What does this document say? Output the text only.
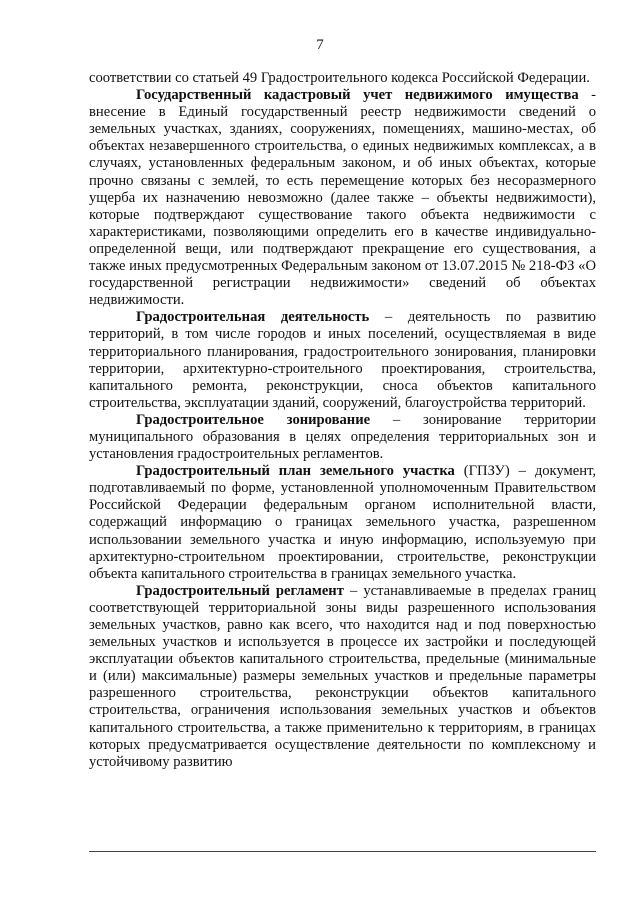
7

соответствии со статьей 49 Градостроительного кодекса Российской Федерации.

Государственный кадастровый учет недвижимого имущества - внесение в Единый государственный реестр недвижимости сведений о земельных участках, зданиях, сооружениях, помещениях, машино-местах, об объектах незавершенного строительства, о единых недвижимых комплексах, а в случаях, установленных федеральным законом, и об иных объектах, которые прочно связаны с землей, то есть перемещение которых без несоразмерного ущерба их назначению невозможно (далее также – объекты недвижимости), которые подтверждают существование такого объекта недвижимости с характеристиками, позволяющими определить его в качестве индивидуально-определенной вещи, или подтверждают прекращение его существования, а также иных предусмотренных Федеральным законом от 13.07.2015 № 218-ФЗ «О государственной регистрации недвижимости» сведений об объектах недвижимости.

Градостроительная деятельность – деятельность по развитию территорий, в том числе городов и иных поселений, осуществляемая в виде территориального планирования, градостроительного зонирования, планировки территории, архитектурно-строительного проектирования, строительства, капитального ремонта, реконструкции, сноса объектов капитального строительства, эксплуатации зданий, сооружений, благоустройства территорий.

Градостроительное зонирование – зонирование территории муниципального образования в целях определения территориальных зон и установления градостроительных регламентов.

Градостроительный план земельного участка (ГПЗУ) – документ, подготавливаемый по форме, установленной уполномоченным Правительством Российской Федерации федеральным органом исполнительной власти, содержащий информацию о границах земельного участка, разрешенном использовании земельного участка и иную информацию, используемую при архитектурно-строительном проектировании, строительстве, реконструкции объекта капитального строительства в границах земельного участка.

Градостроительный регламент – устанавливаемые в пределах границ соответствующей территориальной зоны виды разрешенного использования земельных участков, равно как всего, что находится над и под поверхностью земельных участков и используется в процессе их застройки и последующей эксплуатации объектов капитального строительства, предельные (минимальные и (или) максимальные) размеры земельных участков и предельные параметры разрешенного строительства, реконструкции объектов капитального строительства, ограничения использования земельных участков и объектов капитального строительства, а также применительно к территориям, в границах которых предусматривается осуществление деятельности по комплексному и устойчивому развитию
